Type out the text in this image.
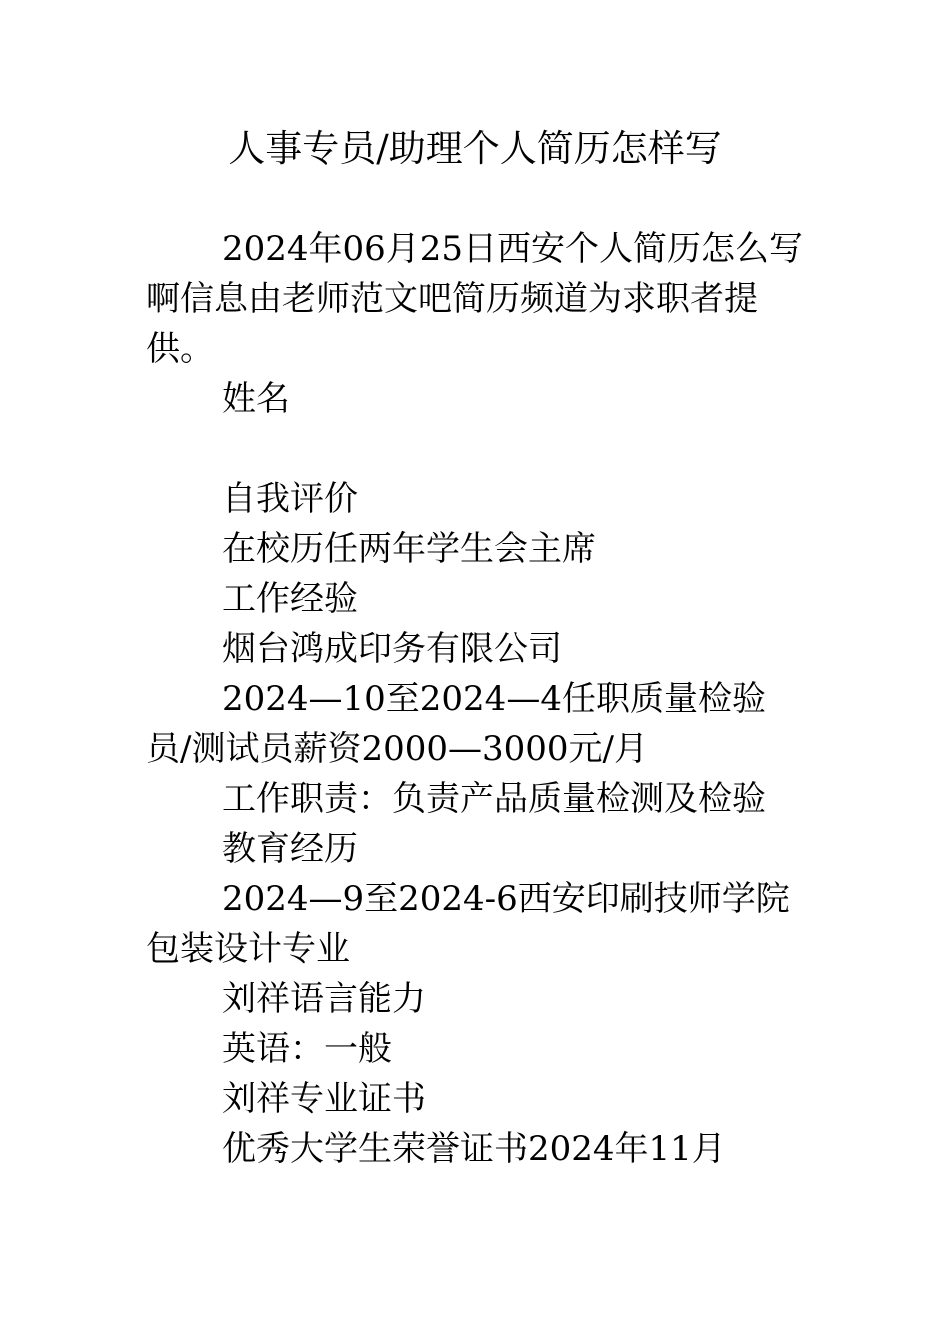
人事专员/助理个人简历怎样写

2024年06月25日西安个人简历怎么写啊信息由老师范文吧简历频道为求职者提供。

姓名

自我评价

在校历任两年学生会主席

工作经验

烟台鸿成印务有限公司

2024—10至2024—4任职质量检验员/测试员薪资2000—3000元/月

工作职责：负责产品质量检测及检验

教育经历

2024—9至2024-6西安印刷技师学院包装设计专业

刘祥语言能力

英语：一般

刘祥专业证书

优秀大学生荣誉证书2024年11月
